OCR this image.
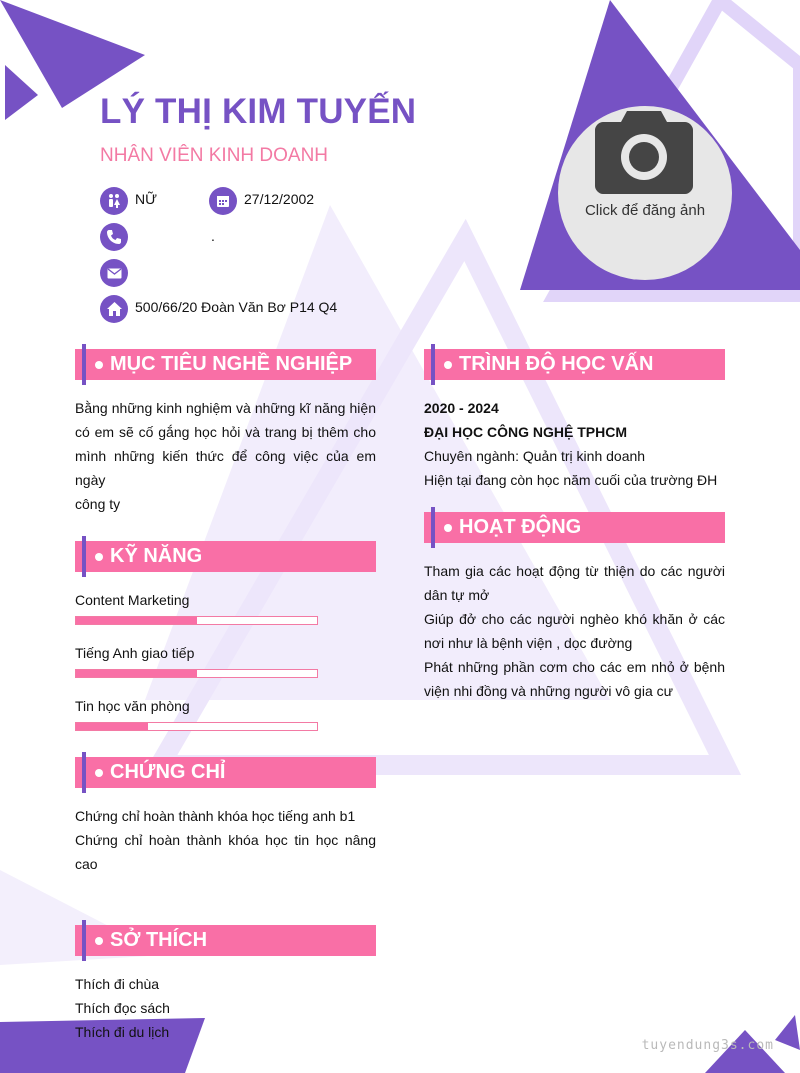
LÝ THỊ KIM TUYẾN
NHÂN VIÊN KINH DOANH
NỮ	27/12/2002
.
500/66/20 Đoàn Văn Bơ P14 Q4
Click để đăng ảnh
MỤC TIÊU NGHỀ NGHIỆP
Bằng những kinh nghiệm và những kĩ năng hiện có em sẽ cố gắng học hỏi và trang bị thêm cho mình những kiến thức để công việc của em ngày
công ty
KỸ NĂNG
Content Marketing
Tiếng Anh giao tiếp
Tin học văn phòng
CHỨNG CHỈ
Chứng chỉ hoàn thành khóa học tiếng anh b1
Chứng chỉ hoàn thành khóa học tin học nâng cao
SỞ THÍCH
Thích đi chùa
Thích đọc sách
Thích đi du lịch
TRÌNH ĐỘ HỌC VẤN
2020 - 2024
ĐẠI HỌC CÔNG NGHỆ TPHCM
Chuyên ngành: Quản trị kinh doanh
Hiện tại đang còn học năm cuối của trường ĐH
HOẠT ĐỘNG
Tham gia các hoạt động từ thiện do các người dân tự mở
Giúp đở cho các người nghèo khó khăn ở các nơi như là bệnh viện , dọc đường
Phát những phần cơm cho các em nhỏ ở bệnh viện nhi đồng và những người vô gia cư
tuyendung3s.com
